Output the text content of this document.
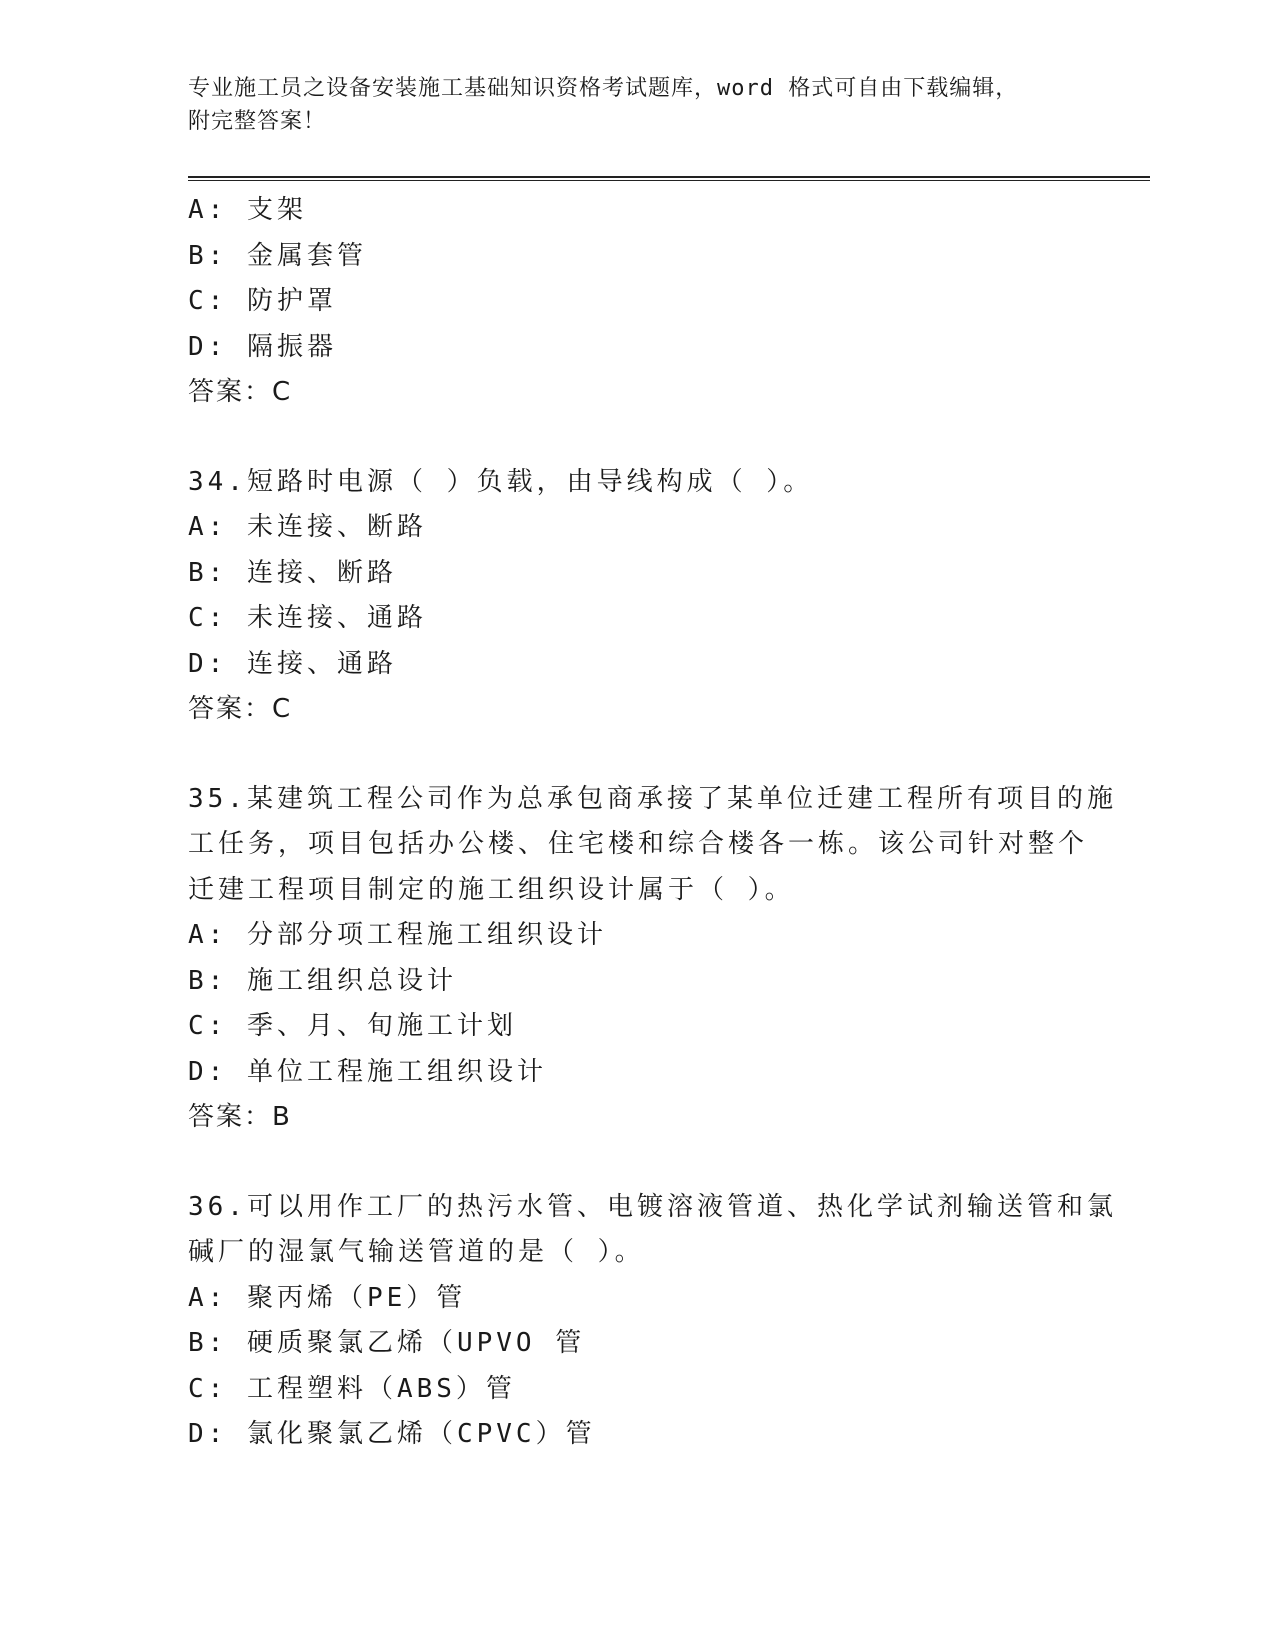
专业施工员之设备安装施工基础知识资格考试题库，word 格式可自由下载编辑，
附完整答案！
A: 支架
B: 金属套管
C: 防护罩
D: 隔振器
答案：C
34.短路时电源（ ）负载，由导线构成（ ）。
A: 未连接、断路
B: 连接、断路
C: 未连接、通路
D: 连接、通路
答案：C
35.某建筑工程公司作为总承包商承接了某单位迁建工程所有项目的施
工任务，项目包括办公楼、住宅楼和综合楼各一栋。该公司针对整个
迁建工程项目制定的施工组织设计属于（ ）。
A: 分部分项工程施工组织设计
B: 施工组织总设计
C: 季、月、旬施工计划
D: 单位工程施工组织设计
答案：B
36.可以用作工厂的热污水管、电镀溶液管道、热化学试剂输送管和氯
碱厂的湿氯气输送管道的是（ ）。
A: 聚丙烯（PE）管
B: 硬质聚氯乙烯（UPVO 管
C: 工程塑料（ABS）管
D: 氯化聚氯乙烯（CPVC）管
